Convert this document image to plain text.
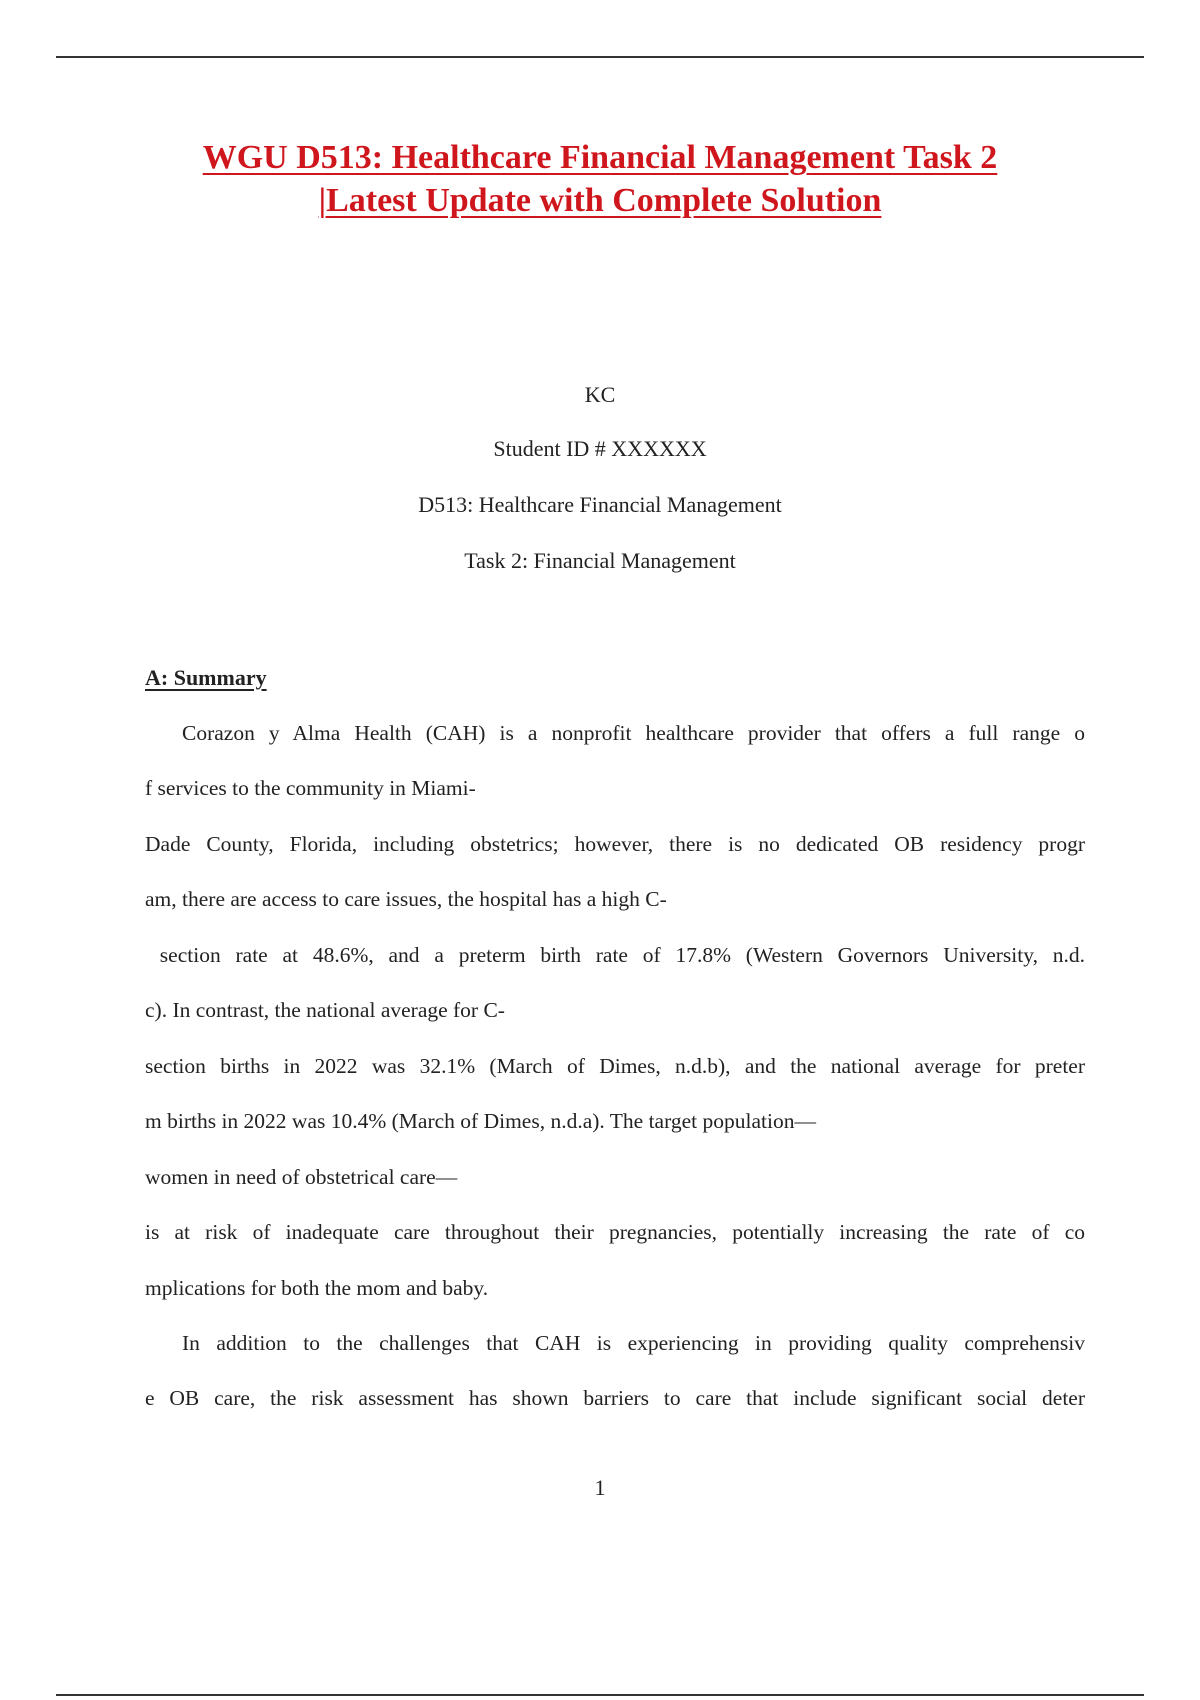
WGU D513: Healthcare Financial Management Task 2
|Latest Update with Complete Solution
KC
Student ID # XXXXXX
D513: Healthcare Financial Management
Task 2: Financial Management
A: Summary
Corazon y Alma Health (CAH) is a nonprofit healthcare provider that offers a full range o
f services to the community in Miami-
Dade County, Florida, including obstetrics; however, there is no dedicated OB residency progr
am, there are access to care issues, the hospital has a high C-
section rate at 48.6%, and a preterm birth rate of 17.8% (Western Governors University, n.d.
c). In contrast, the national average for C-
section births in 2022 was 32.1% (March of Dimes, n.d.b), and the national average for preter
m births in 2022 was 10.4% (March of Dimes, n.d.a). The target population—
women in need of obstetrical care—
is at risk of inadequate care throughout their pregnancies, potentially increasing the rate of co
mplications for both the mom and baby.
In addition to the challenges that CAH is experiencing in providing quality comprehensiv
e OB care, the risk assessment has shown barriers to care that include significant social deter
1
